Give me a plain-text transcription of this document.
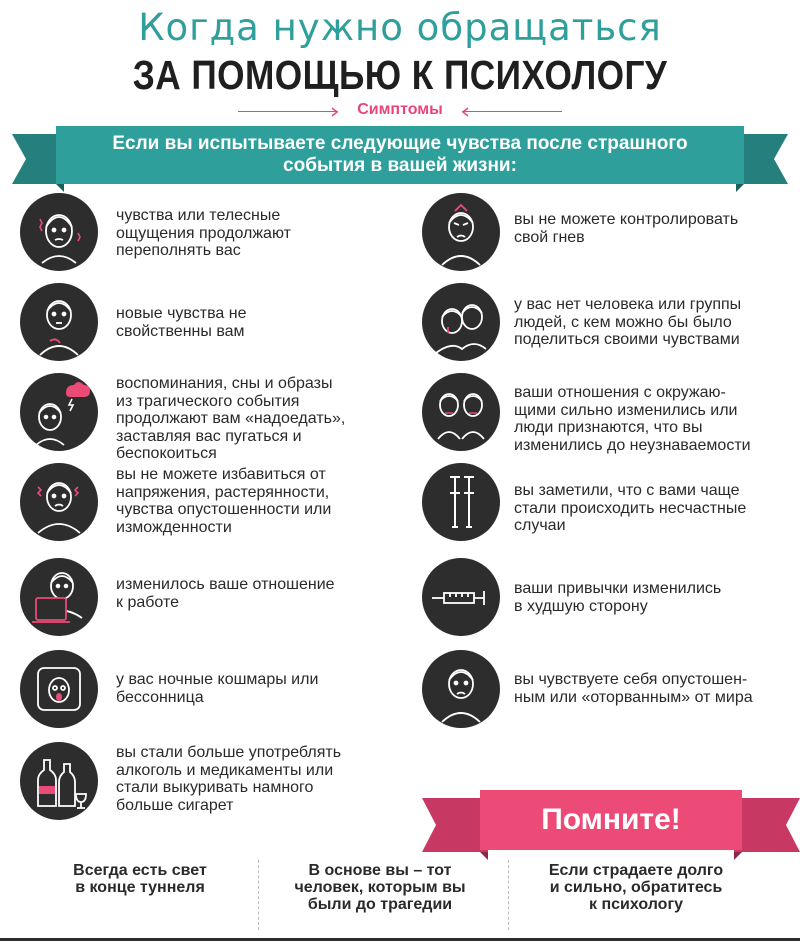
Когда нужно обращаться
ЗА ПОМОЩЬЮ К ПСИХОЛОГУ
Симптомы
Если вы испытываете следующие чувства после страшного
события в вашей жизни:
чувства или телесные
ощущения продолжают
переполнять вас
новые чувства не
свойственны вам
воспоминания, сны и образы
из трагического события
продолжают вам «надоедать»,
заставляя вас пугаться и
беспокоиться
вы не можете избавиться от
напряжения, растерянности,
чувства опустошенности или
изможденности
изменилось ваше отношение
к работе
у вас ночные кошмары или
бессонница
вы стали больше употреблять
алкоголь и медикаменты или
стали выкуривать намного
больше сигарет
вы не можете контролировать
свой гнев
у вас нет человека или группы
людей, с кем можно бы было
поделиться своими чувствами
ваши отношения с окружаю-
щими сильно изменились или
люди признаются, что вы
изменились до неузнаваемости
вы заметили, что с вами чаще
стали происходить несчастные
случаи
ваши привычки изменились
в худшую сторону
вы чувствуете себя опустошен-
ным или «оторванным» от мира
Помните!
Всегда есть свет
в конце туннеля
В основе вы – тот
человек, которым вы
были до трагедии
Если страдаете долго
и сильно, обратитесь
к психологу
